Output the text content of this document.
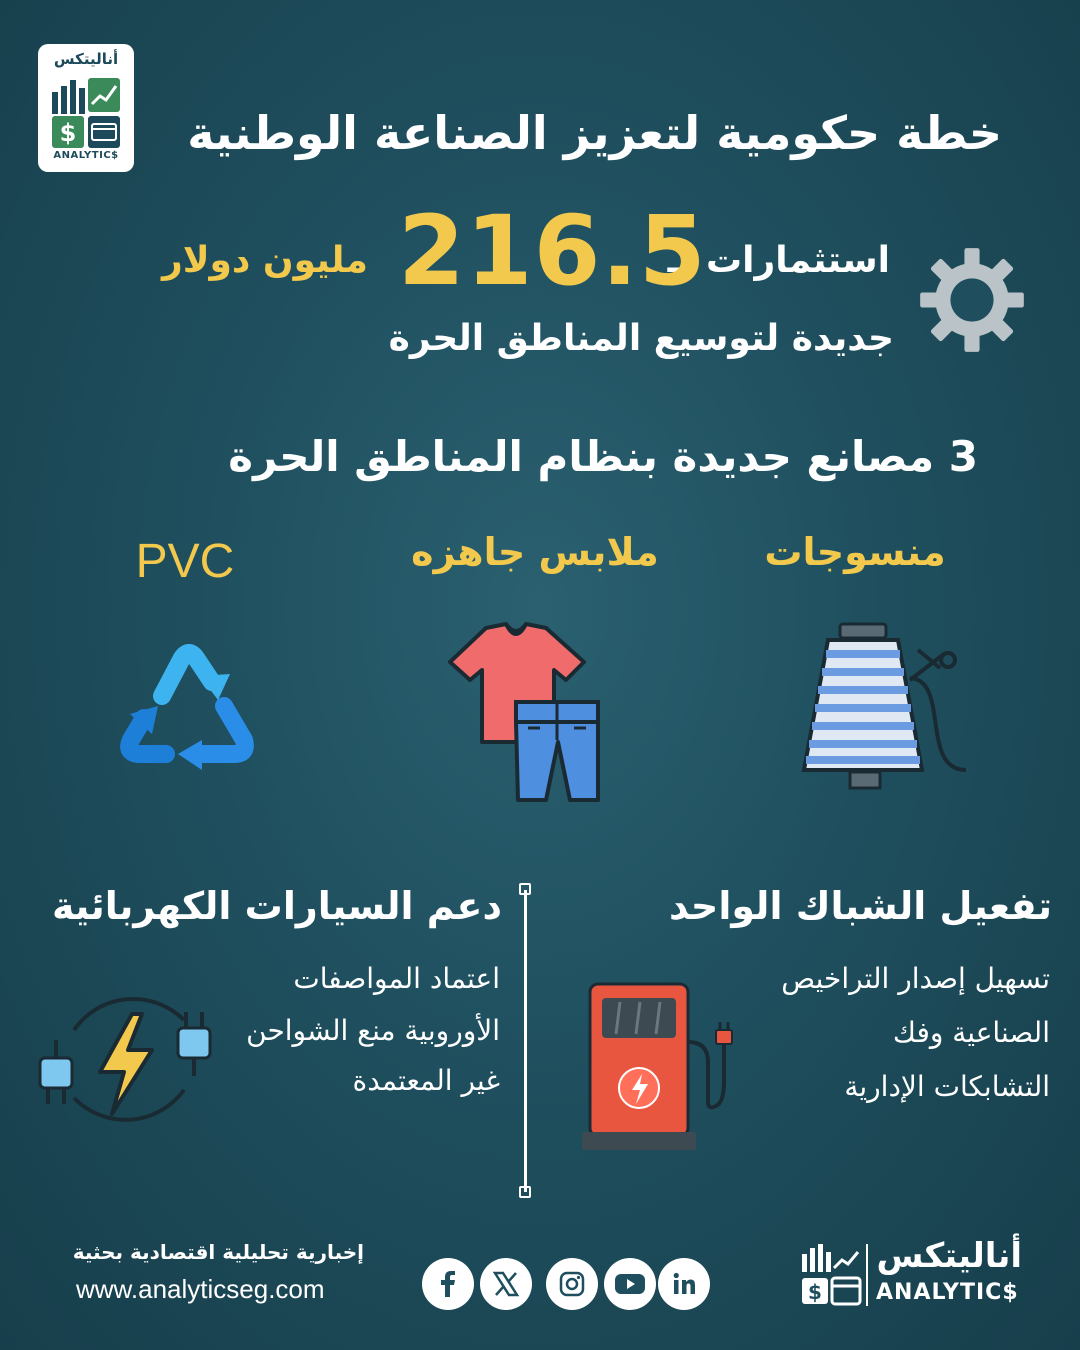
أناليتكس
$
ANALYTIC$	خطة حكومية لتعزيز الصناعة الوطنية
استثمارات بـ
216.5
مليون دولار
جديدة لتوسيع المناطق الحرة
3 مصانع جديدة بنظام المناطق الحرة
منسوجات
ملابس جاهزه
PVC
تفعيل الشباك الواحد
تسهيل إصدار التراخيص
الصناعية وفك
التشابكات الإدارية
دعم السيارات الكهربائية
اعتماد المواصفات
الأوروبية منع الشواحن
غير المعتمدة
إخبارية تحليلية اقتصادية بحثية
www.analyticseg.com	$
أناليتكس
ANALYTIC$
